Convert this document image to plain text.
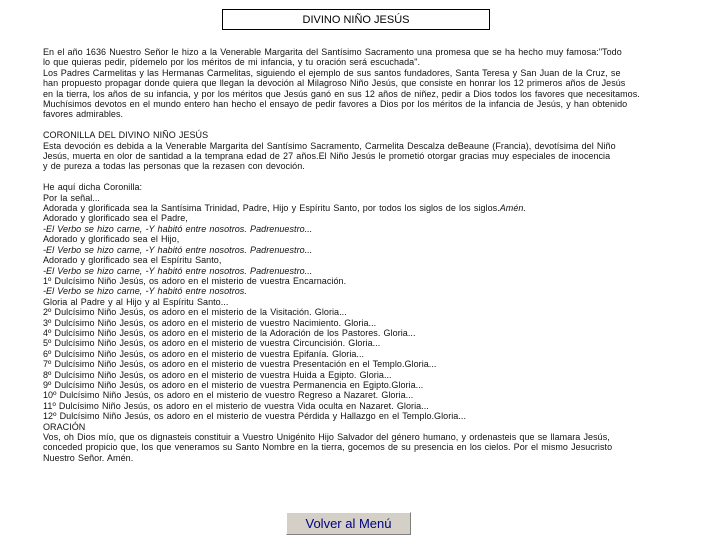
DIVINO NIÑO JESÚS

En el año 1636 Nuestro Señor le hizo a la Venerable Margarita del Santísimo Sacramento una promesa que se ha hecho muy famosa:"Todo

lo que quieras pedir, pídemelo por los méritos de mi infancia, y tu oración será escuchada".

Los Padres Carmelitas y las Hermanas Carmelitas, siguiendo el ejemplo de sus santos fundadores, Santa Teresa y San Juan de la Cruz, se

han propuesto propagar donde quiera que llegan la devoción al Milagroso Niño Jesús, que consiste en honrar los 12 primeros años de Jesús

en la tierra, los años de su infancia, y por los méritos que Jesús ganó en sus 12 años de niñez, pedir a Dios todos los favores que necesitamos.

Muchísimos devotos en el mundo entero han hecho el ensayo de pedir favores a Dios por los méritos de la infancia de Jesús, y han obtenido

favores admirables.

CORONILLA DEL DIVINO NIÑO JESÚS

Esta devoción es debida a la Venerable Margarita del Santísimo Sacramento, Carmelita Descalza deBeaune (Francia), devotísima del Niño

Jesús, muerta en olor de santidad a la temprana edad de 27 años.El Niño Jesús le prometió otorgar gracias muy especiales de inocencia

y de pureza a todas las personas que la rezasen con devoción.

He aquí dicha Coronilla:

Por la señal...

Adorada y glorificada sea la Santísima Trinidad, Padre, Hijo y Espíritu Santo, por todos los siglos de los siglos.Amén.

Adorado y glorificado sea el Padre,

-El Verbo se hizo carne, -Y habitó entre nosotros. Padrenuestro...

Adorado y glorificado sea el Hijo,

-El Verbo se hizo carne, -Y habitó entre nosotros. Padrenuestro...

Adorado y glorificado sea el Espíritu Santo,

-El Verbo se hizo carne, -Y habitó entre nosotros. Padrenuestro...

1º Dulcísimo Niño Jesús, os adoro en el misterio de vuestra Encarnación.

-El Verbo se hizo carne, -Y habitó entre nosotros.

Gloria al Padre y al Hijo y al Espíritu Santo...

2º Dulcísimo Niño Jesús, os adoro en el misterio de la Visitación. Gloria...

3º Dulcísimo Niño Jesús, os adoro en el misterio de vuestro Nacimiento. Gloria...

4º Dulcísimo Niño Jesús, os adoro en el misterio de la Adoración de los Pastores. Gloria...

5º Dulcísimo Niño Jesús, os adoro en el misterio de vuestra Circuncisión. Gloria...

6º Dulcísimo Niño Jesús, os adoro en el misterio de vuestra Epifanía. Gloria...

7º Dulcísimo Niño Jesús, os adoro en el misterio de vuestra Presentación en el Templo.Gloria...

8º Dulcísimo Niño Jesús, os adoro en el misterio de vuestra Huida a Egipto. Gloria...

9º Dulcísimo Niño Jesús, os adoro en el misterio de vuestra Permanencia en Egipto.Gloria...

10º Dulcísimo Niño Jesús, os adoro en el misterio de vuestro Regreso a Nazaret. Gloria...

11º Dulcísimo Niño Jesús, os adoro en el misterio de vuestra Vida oculta en Nazaret. Gloria...

12º Dulcísimo Niño Jesús, os adoro en el misterio de vuestra Pérdida y Hallazgo en el Templo.Gloria...

ORACIÓN

Vos, oh Dios mío, que os dignasteis constituir a Vuestro Unigénito Hijo Salvador del género humano, y ordenasteis que se llamara Jesús,

conceded propicio que, los que veneramos su Santo Nombre en la tierra, gocemos de su presencia en los cielos. Por el mismo Jesucristo

Nuestro Señor. Amén.

Volver al Menú
